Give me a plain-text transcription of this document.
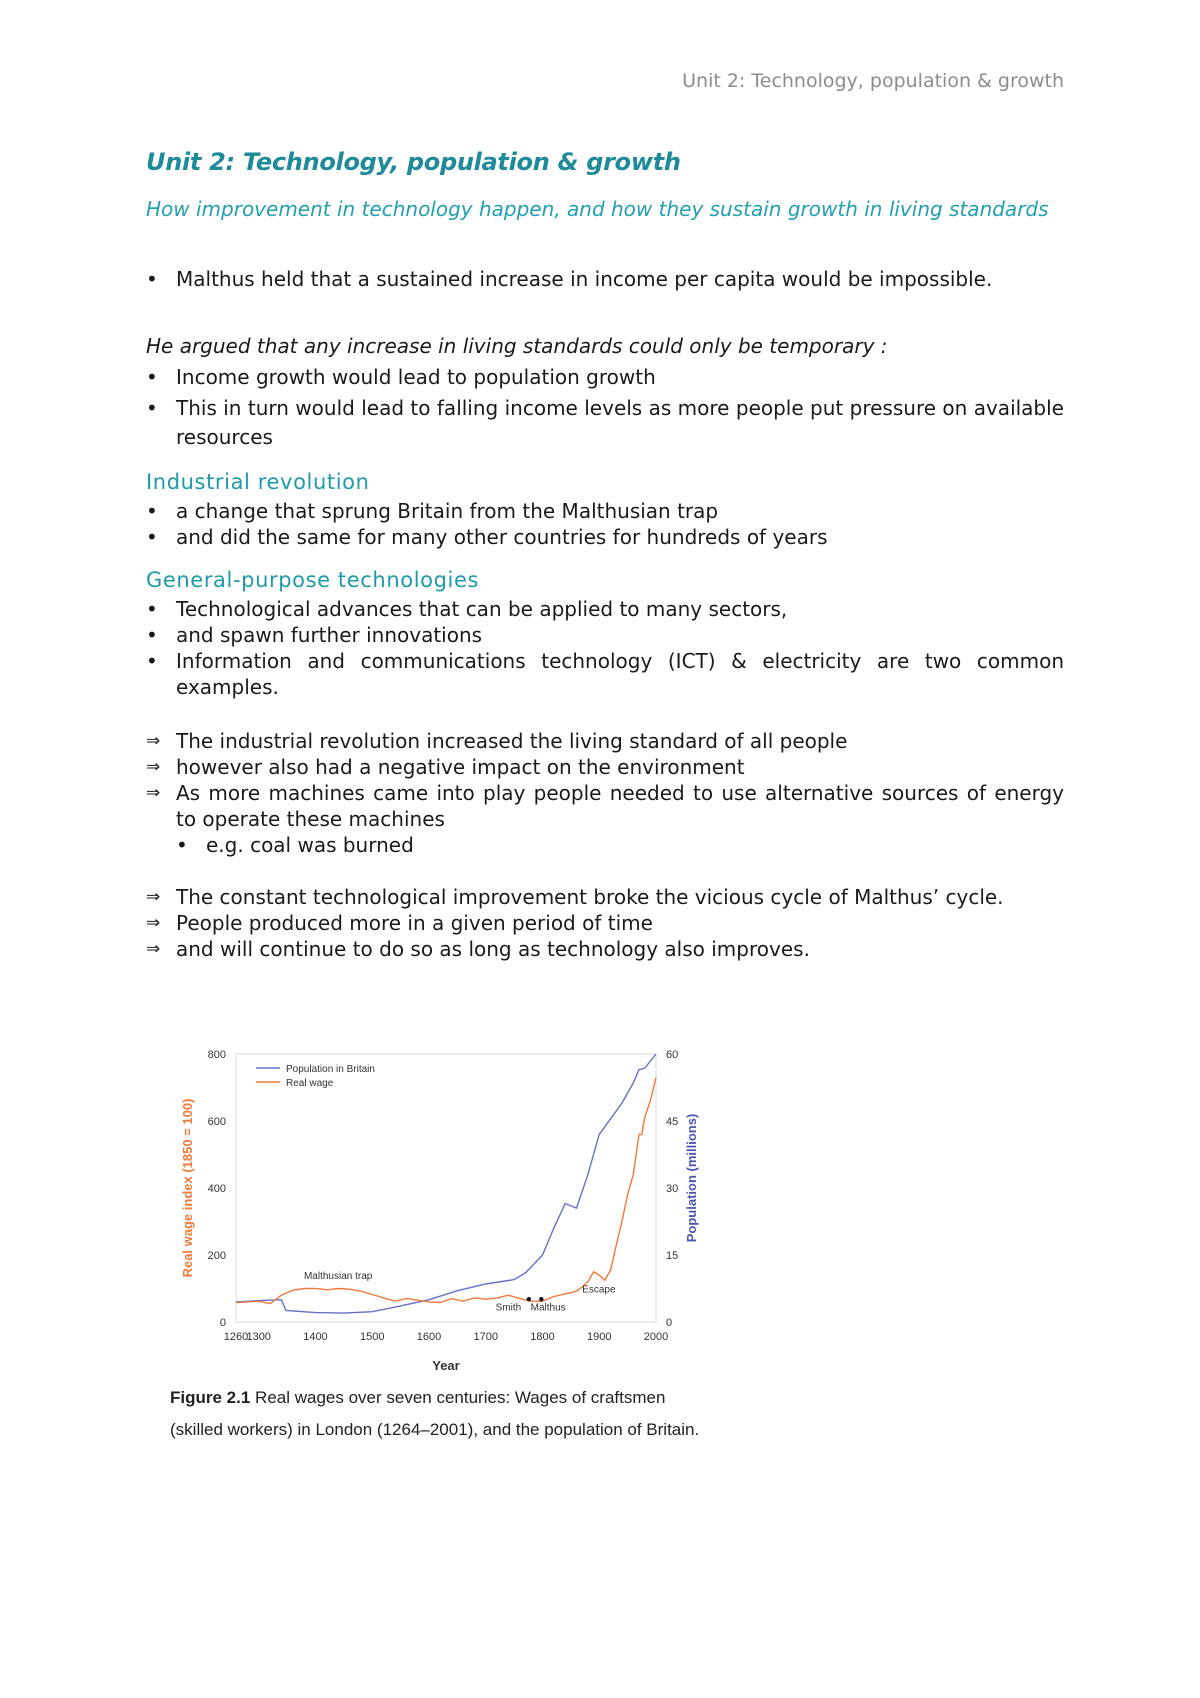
Unit 2: Technology, population & growth
Unit 2: Technology, population & growth
How improvement in technology happen, and how they sustain growth in living standards
• Malthus held that a sustained increase in income per capita would be impossible.
He argued that any increase in living standards could only be temporary :
• Income growth would lead to population growth
• This in turn would lead to falling income levels as more people put pressure on available resources
Industrial revolution
• a change that sprung Britain from the Malthusian trap
• and did the same for many other countries for hundreds of years
General-purpose technologies
• Technological advances that can be applied to many sectors,
• and spawn further innovations
• Information and communications technology (ICT) & electricity are two common examples.
⇒ The industrial revolution increased the living standard of all people
⇒ however also had a negative impact on the environment
⇒ As more machines came into play people needed to use alternative sources of energy to operate these machines
• e.g. coal was burned
⇒ The constant technological improvement broke the vicious cycle of Malthus’ cycle.
⇒ People produced more in a given period of time
⇒ and will continue to do so as long as technology also improves.
1260
1300	1400	1500	1600	1700	1800	1900	2000
0
200
400
600
800
0
15
30
45
60
Year
Real wage index (1850 = 100)	Population (millions)
Population in Britain
Real wage
Malthusian trap
Escape
Smith Malthus
Figure 2.1 Real wages over seven centuries: Wages of craftsmen
(skilled workers) in London (1264–2001), and the population of Britain.
